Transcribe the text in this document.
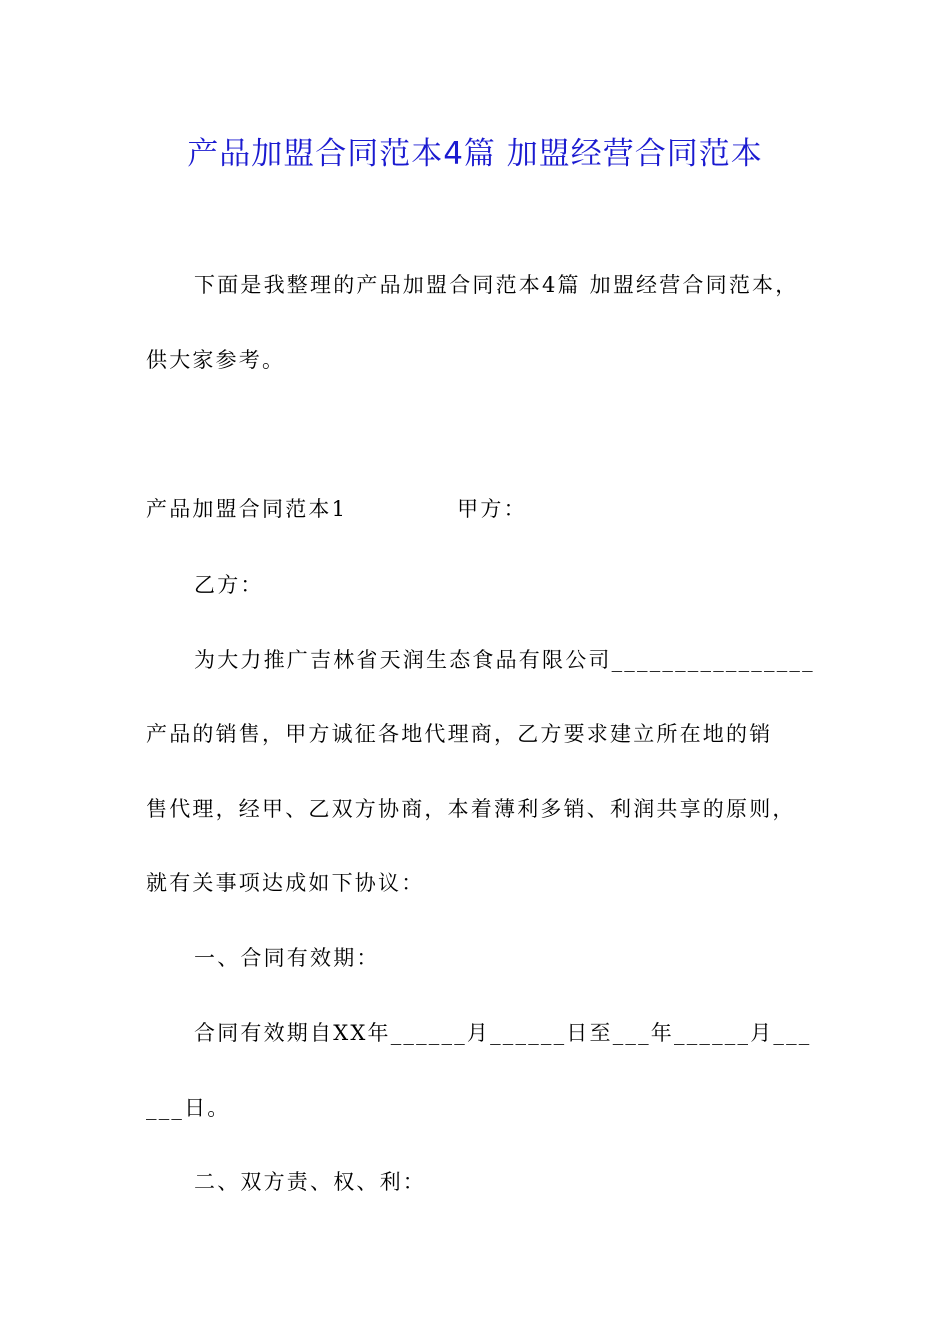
产品加盟合同范本4篇 加盟经营合同范本
下面是我整理的产品加盟合同范本4篇 加盟经营合同范本，
供大家参考。
产品加盟合同范本1	甲方：
乙方：
为大力推广吉林省天润生态食品有限公司________________
产品的销售，甲方诚征各地代理商，乙方要求建立所在地的销
售代理，经甲、乙双方协商，本着薄利多销、利润共享的原则，
就有关事项达成如下协议：
一、合同有效期：
合同有效期自XX年______月______日至___年______月___
___日。
二、双方责、权、利：
